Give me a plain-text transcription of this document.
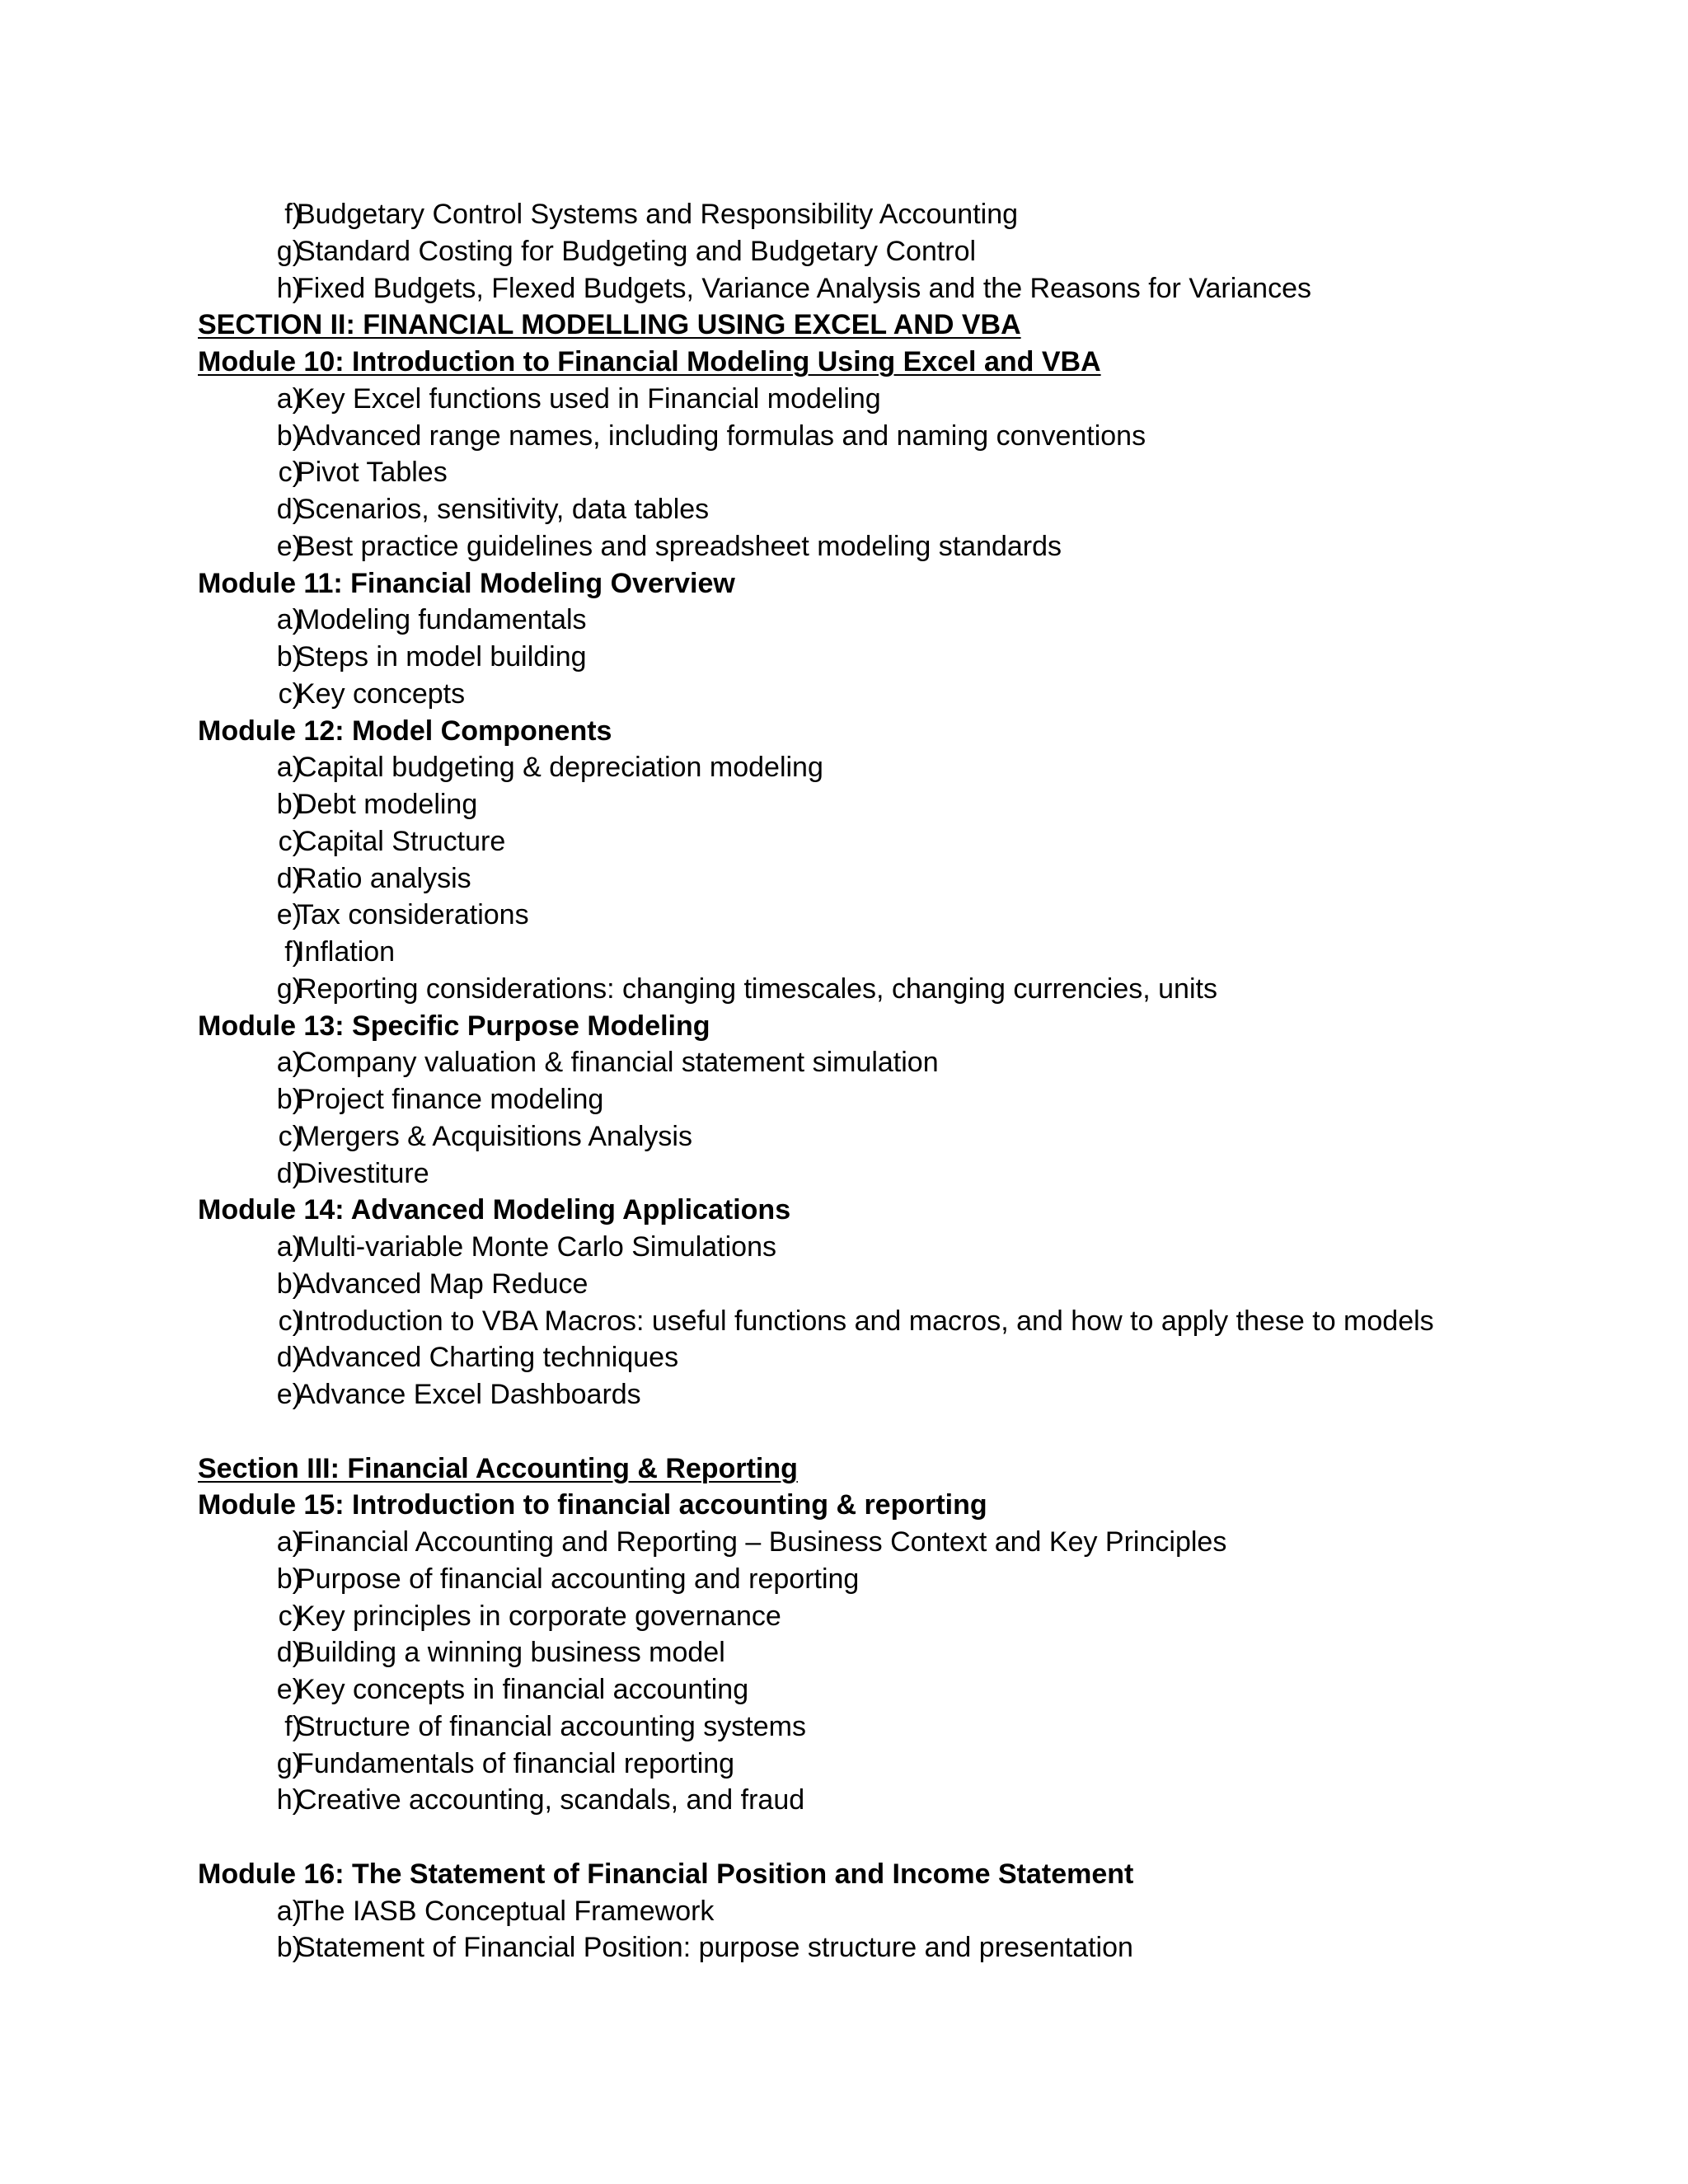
f)
Budgetary Control Systems and Responsibility Accounting
g)
Standard Costing for Budgeting and Budgetary Control
h)
Fixed Budgets, Flexed Budgets, Variance Analysis and the Reasons for Variances
SECTION II: FINANCIAL MODELLING USING EXCEL AND VBA
Module 10: Introduction to Financial Modeling Using Excel and VBA
a)
Key Excel functions used in Financial modeling
b)
Advanced range names, including formulas and naming conventions
c)
Pivot Tables
d)
Scenarios, sensitivity, data tables
e)
Best practice guidelines and spreadsheet modeling standards
Module 11: Financial Modeling Overview
a)
Modeling fundamentals
b)
Steps in model building
c)
Key concepts
Module 12: Model Components
a)
Capital budgeting & depreciation modeling
b)
Debt modeling
c)
Capital Structure
d)
Ratio analysis
e)
Tax considerations
f)
Inflation
g)
Reporting considerations: changing timescales, changing currencies, units
Module 13: Specific Purpose Modeling
a)
Company valuation & financial statement simulation
b)
Project finance modeling
c)
Mergers & Acquisitions Analysis
d)
Divestiture
Module 14: Advanced Modeling Applications
a)
Multi-variable Monte Carlo Simulations
b)
Advanced Map Reduce
c)
Introduction to VBA Macros: useful functions and macros, and how to apply these to models
d)
Advanced Charting techniques
e)
Advance Excel Dashboards
Section III: Financial Accounting & Reporting
Module 15: Introduction to financial accounting & reporting
a)
Financial Accounting and Reporting – Business Context and Key Principles
b)
Purpose of financial accounting and reporting
c)
Key principles in corporate governance
d)
Building a winning business model
e)
Key concepts in financial accounting
f)
Structure of financial accounting systems
g)
Fundamentals of financial reporting
h)
Creative accounting, scandals, and fraud
Module 16: The Statement of Financial Position and Income Statement
a)
The IASB Conceptual Framework
b)
Statement of Financial Position: purpose structure and presentation
